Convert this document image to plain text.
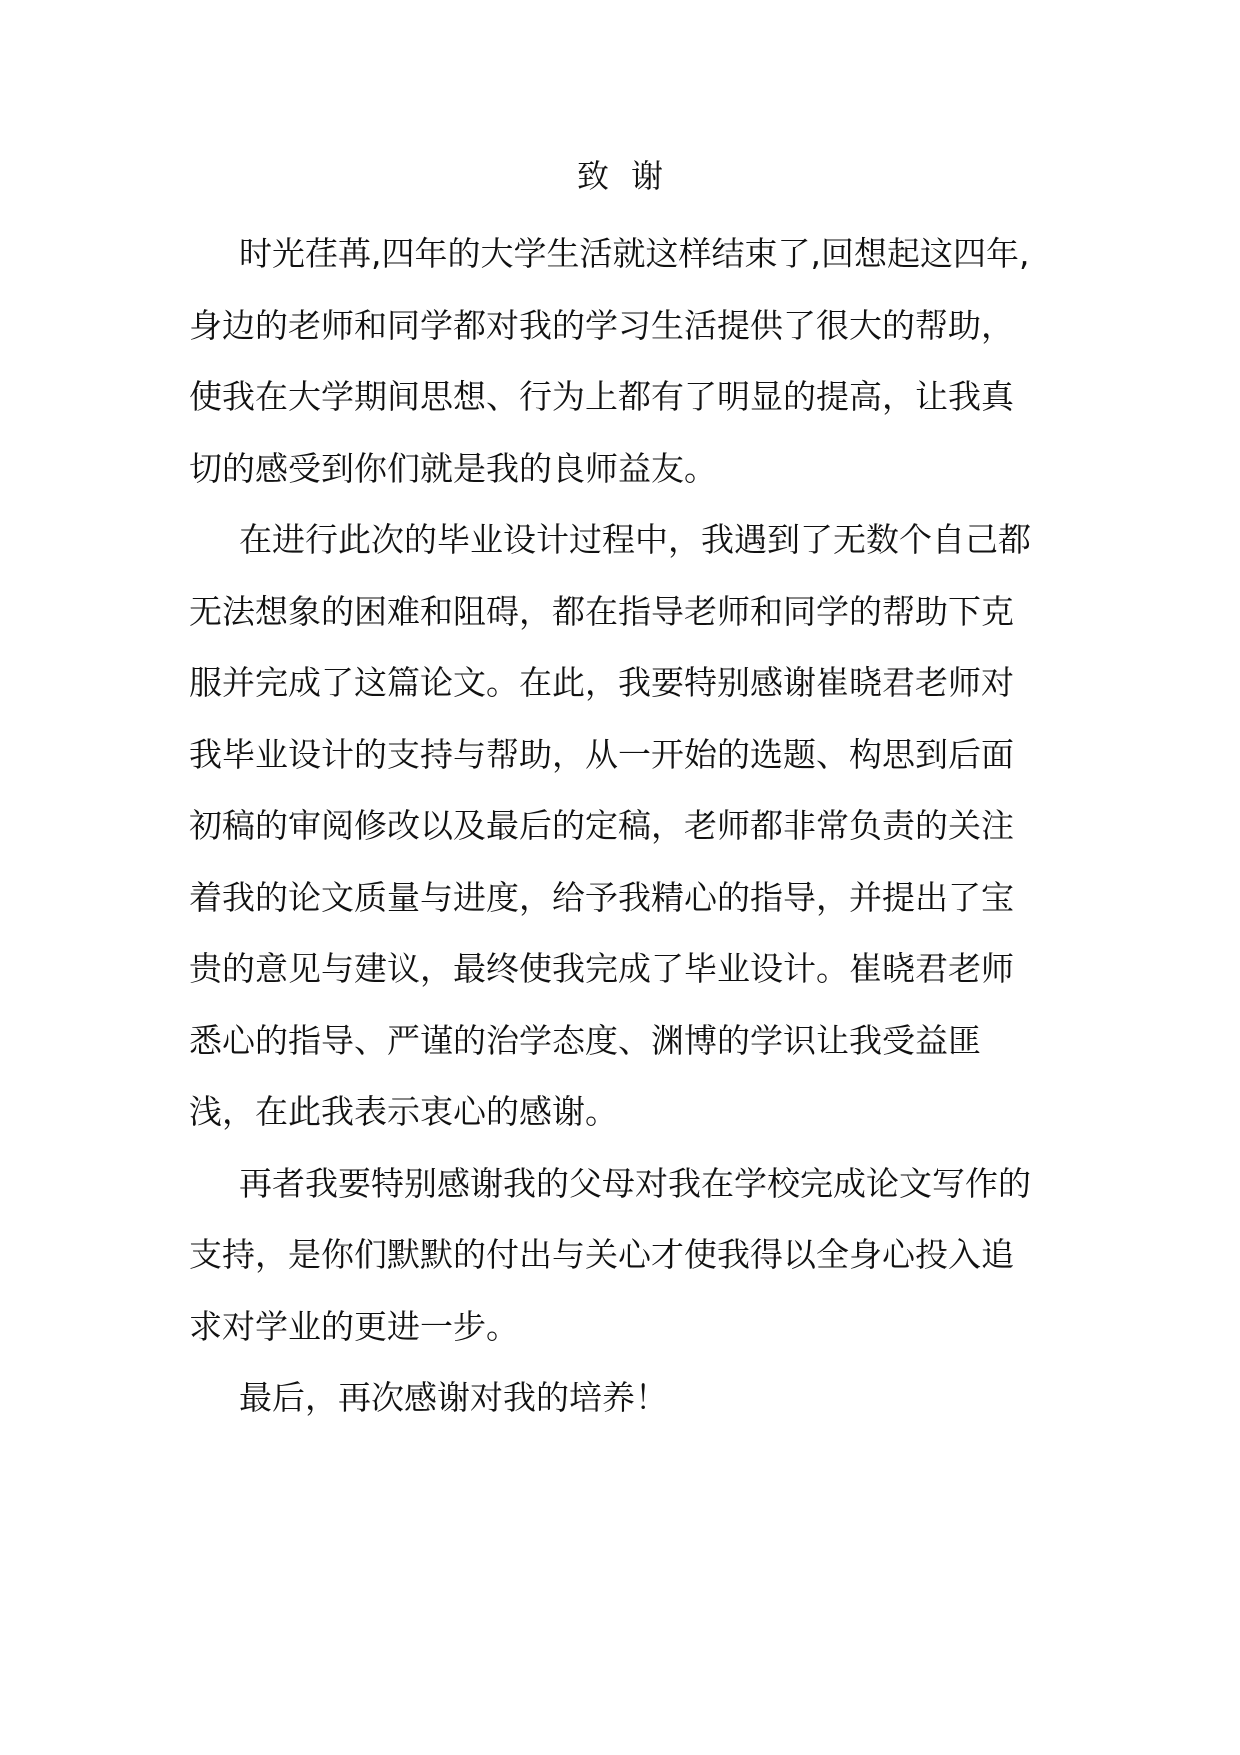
致谢

时光荏苒,四年的大学生活就这样结束了,回想起这四年,
身边的老师和同学都对我的学习生活提供了很大的帮助，
使我在大学期间思想、行为上都有了明显的提高，让我真
切的感受到你们就是我的良师益友。

在进行此次的毕业设计过程中，我遇到了无数个自己都
无法想象的困难和阻碍，都在指导老师和同学的帮助下克
服并完成了这篇论文。在此，我要特别感谢崔晓君老师对
我毕业设计的支持与帮助，从一开始的选题、构思到后面
初稿的审阅修改以及最后的定稿，老师都非常负责的关注
着我的论文质量与进度，给予我精心的指导，并提出了宝
贵的意见与建议，最终使我完成了毕业设计。崔晓君老师
悉心的指导、严谨的治学态度、渊博的学识让我受益匪
浅，在此我表示衷心的感谢。

再者我要特别感谢我的父母对我在学校完成论文写作的
支持，是你们默默的付出与关心才使我得以全身心投入追
求对学业的更进一步。

最后，再次感谢对我的培养！
